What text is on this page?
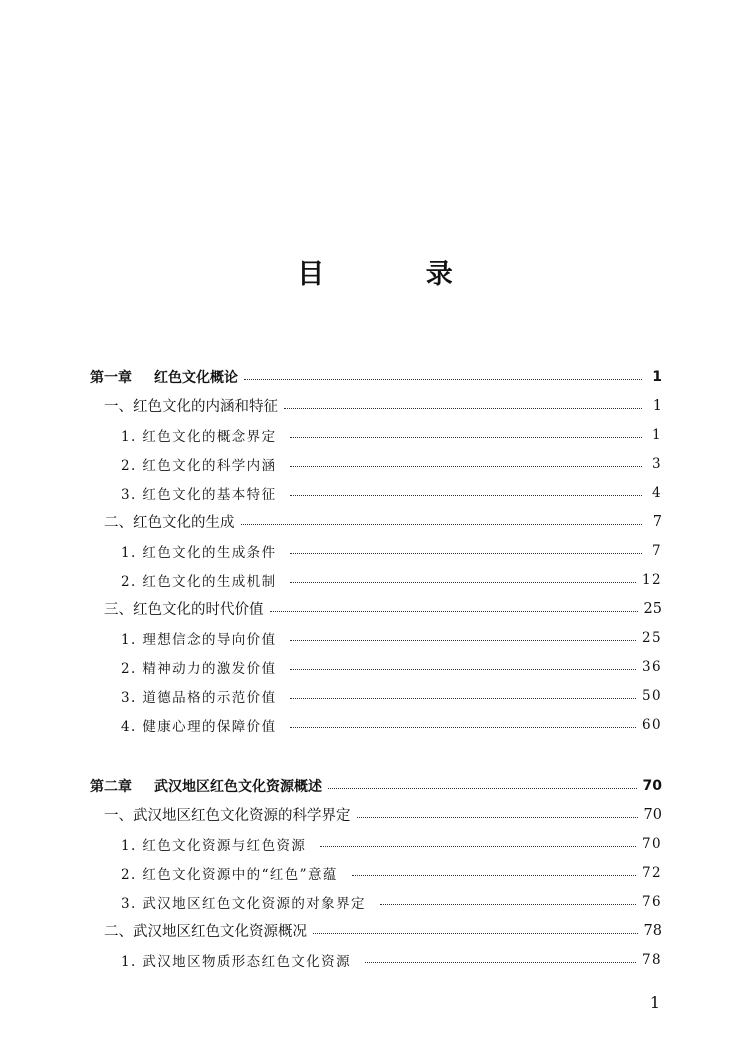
目 录
第一章 红色文化概论	1
一、红色文化的内涵和特征	1
1. 红色文化的概念界定	1
2. 红色文化的科学内涵	3
3. 红色文化的基本特征	4
二、红色文化的生成	7
1. 红色文化的生成条件	7
2. 红色文化的生成机制	12
三、红色文化的时代价值	25
1. 理想信念的导向价值	25
2. 精神动力的激发价值	36
3. 道德品格的示范价值	50
4. 健康心理的保障价值	60
第二章 武汉地区红色文化资源概述	70
一、武汉地区红色文化资源的科学界定	70
1. 红色文化资源与红色资源	70
2. 红色文化资源中的“红色”意蕴	72
3. 武汉地区红色文化资源的对象界定	76
二、武汉地区红色文化资源概况	78
1. 武汉地区物质形态红色文化资源	78
1
